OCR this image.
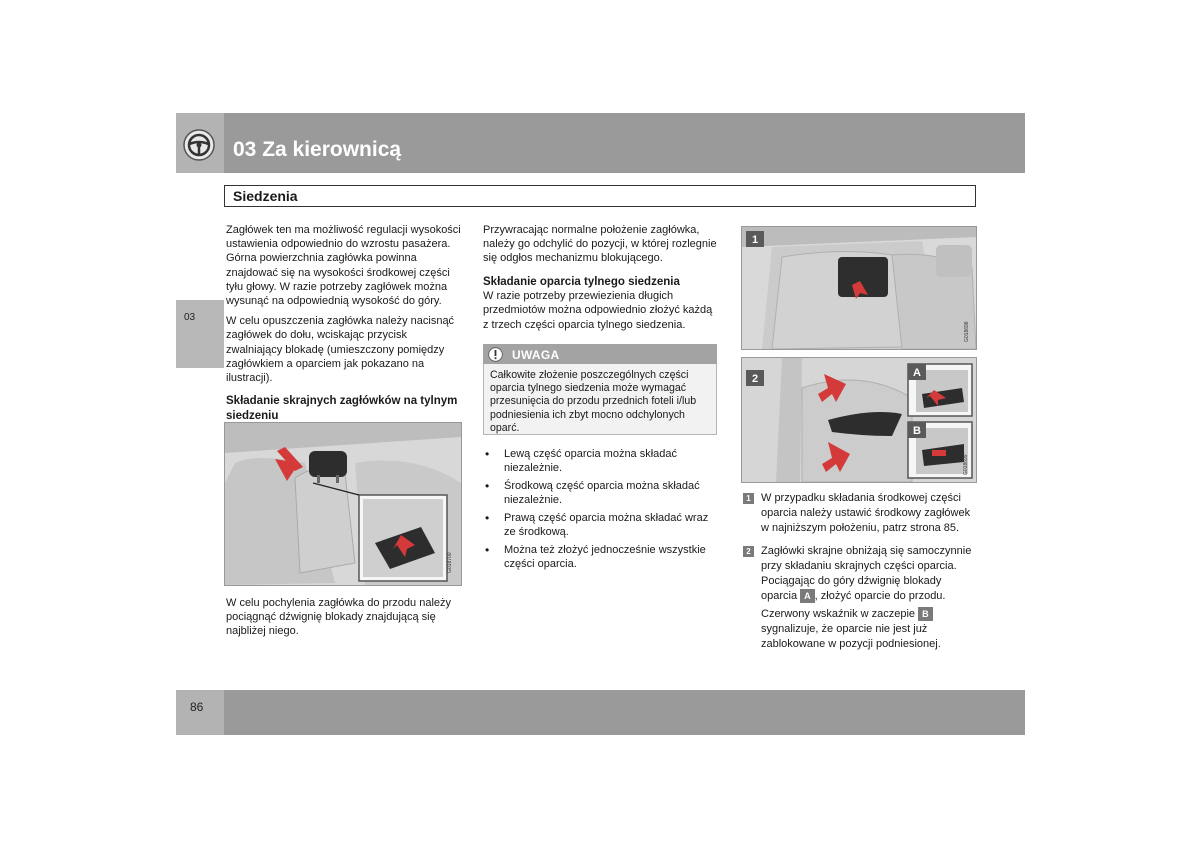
03 Za kierownicą
Siedzenia
03

Zagłówek ten ma możliwość regulacji wysokości ustawienia odpowiednio do wzrostu pasażera. Górna powierzchnia zagłówka powinna znajdować się na wysokości środkowej części tyłu głowy. W razie potrzeby zagłówek można wysunąć na odpowiednią wysokość do góry.

W celu opuszczenia zagłówka należy nacisnąć zagłówek do dołu, wciskając przycisk zwalniający blokadę (umieszczony pomiędzy zagłówkiem a oparciem jak pokazano na ilustracji).

Składanie skrajnych zagłówków na tylnym siedzeniu
G018700

W celu pochylenia zagłówka do przodu należy pociągnąć dźwignię blokady znajdującą się najbliżej niego.

Przywracając normalne położenie zagłówka, należy go odchylić do pozycji, w której rozlegnie się odgłos mechanizmu blokującego.

Składanie oparcia tylnego siedzenia

W razie potrzeby przewiezienia długich przedmiotów można odpowiednio złożyć każdą z trzech części oparcia tylnego siedzenia.

UWAGA
Całkowite złożenie poszczególnych części oparcia tylnego siedzenia może wymagać przesunięcia do przodu przednich foteli i/lub podniesienia ich zbyt mocno odchylonych oparć.
• Lewą część oparcia można składać niezależnie.
• Środkową część oparcia można składać niezależnie.
• Prawą część oparcia można składać wraz ze środkową.
• Można też złożyć jednocześnie wszystkie części oparcia.
1
G018698
2	A
B
G018699
1 W przypadku składania środkowej części oparcia należy ustawić środkowy zagłówek w najniższym położeniu, patrz strona 85.
2 Zagłówki skrajne obniżają się samoczynnie przy składaniu skrajnych części oparcia. Pociągając do góry dźwignię blokady oparcia A , złożyć oparcie do przodu.
Czerwony wskaźnik w zaczepie B sygnalizuje, że oparcie nie jest już zablokowane w pozycji podniesionej.
86
